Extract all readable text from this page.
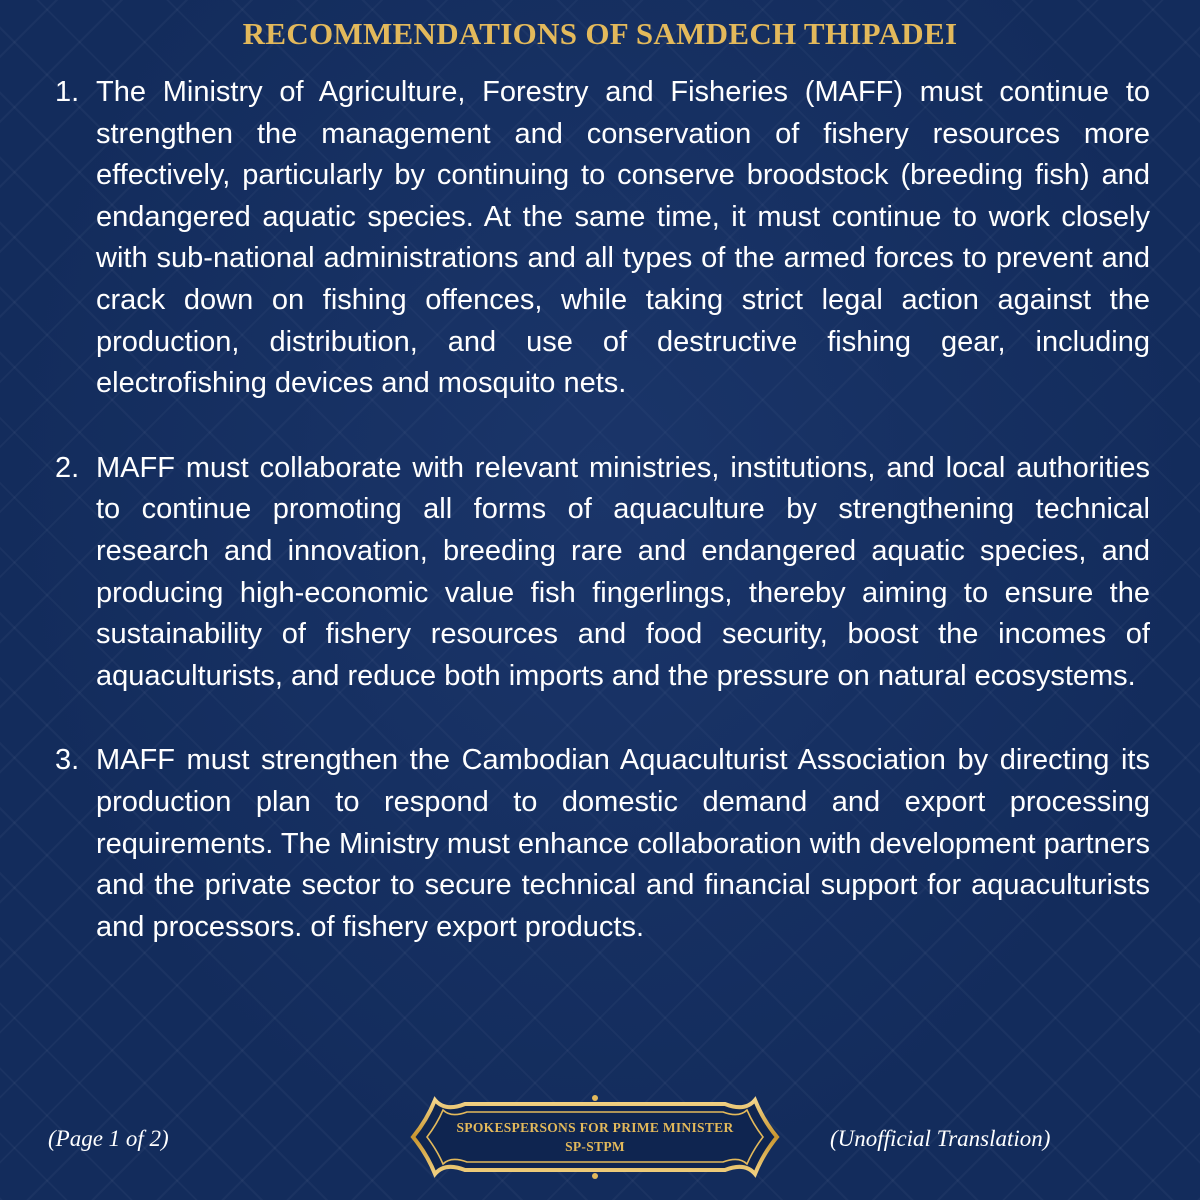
RECOMMENDATIONS OF SAMDECH THIPADEI
1. The Ministry of Agriculture, Forestry and Fisheries (MAFF) must continue to strengthen the management and conservation of fishery resources more effectively, particularly by continuing to conserve broodstock (breeding fish) and endangered aquatic species. At the same time, it must continue to work closely with sub-national administrations and all types of the armed forces to prevent and crack down on fishing offences, while taking strict legal action against the production, distribution, and use of destructive fishing gear, including electrofishing devices and mosquito nets.
2. MAFF must collaborate with relevant ministries, institutions, and local authorities to continue promoting all forms of aquaculture by strengthening technical research and innovation, breeding rare and endangered aquatic species, and producing high-economic value fish fingerlings, thereby aiming to ensure the sustainability of fishery resources and food security, boost the incomes of aquaculturists, and reduce both imports and the pressure on natural ecosystems.
3. MAFF must strengthen the Cambodian Aquaculturist Association by directing its production plan to respond to domestic demand and export processing requirements. The Ministry must enhance collaboration with development partners and the private sector to secure technical and financial support for aquaculturists and processors. of fishery export products.
(Page 1 of 2)	SPOKESPERSONS FOR PRIME MINISTER
SP-STPM	(Unofficial Translation)
